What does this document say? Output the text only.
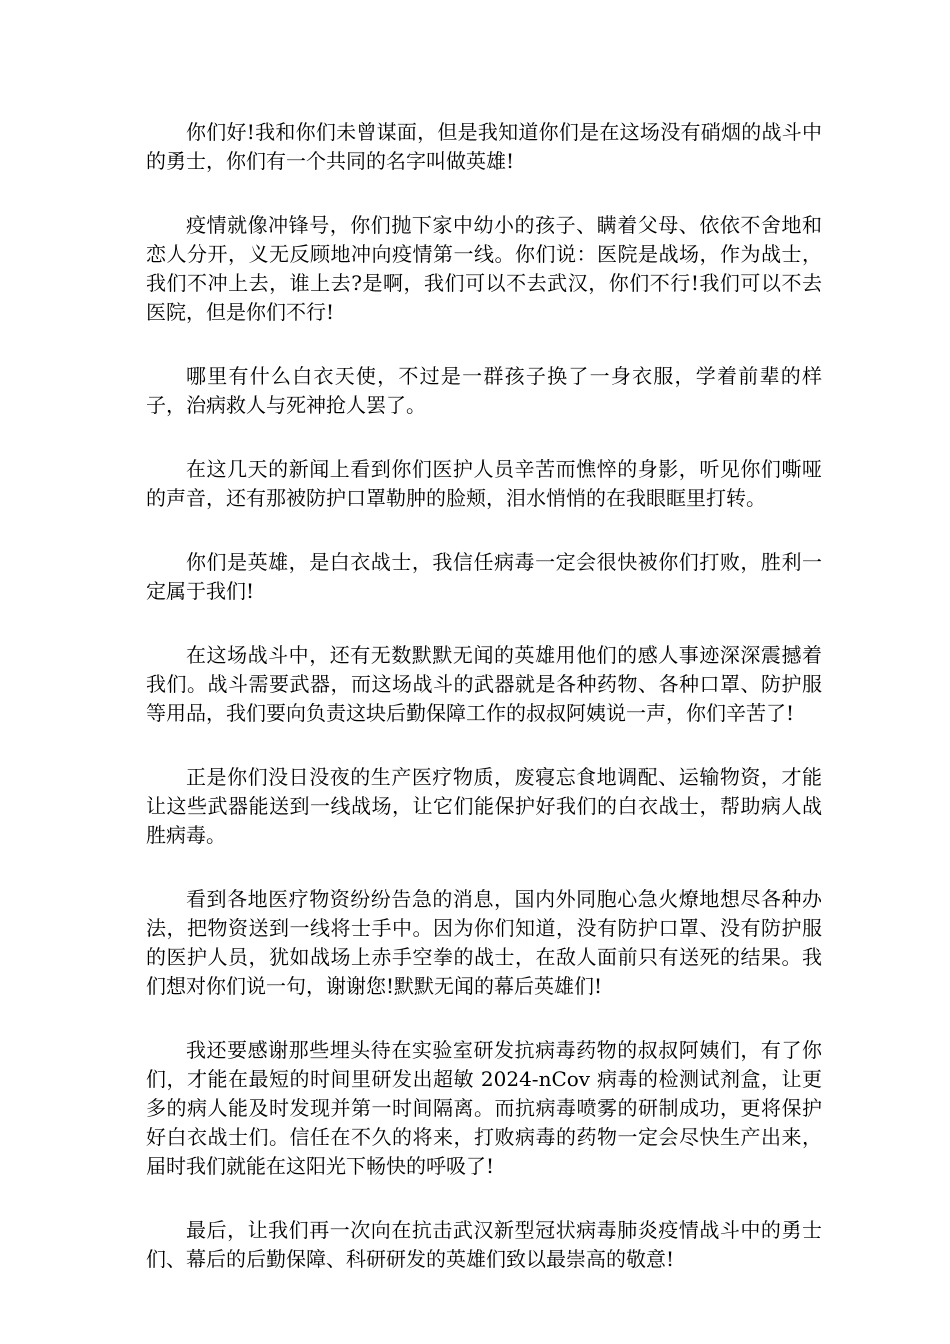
你们好!我和你们未曾谋面，但是我知道你们是在这场没有硝烟的战斗中的勇士，你们有一个共同的名字叫做英雄!

疫情就像冲锋号，你们抛下家中幼小的孩子、瞒着父母、依依不舍地和恋人分开，义无反顾地冲向疫情第一线。你们说：医院是战场，作为战士，我们不冲上去，谁上去?是啊，我们可以不去武汉，你们不行!我们可以不去医院，但是你们不行!

哪里有什么白衣天使，不过是一群孩子换了一身衣服，学着前辈的样子，治病救人与死神抢人罢了。

在这几天的新闻上看到你们医护人员辛苦而憔悴的身影，听见你们嘶哑的声音，还有那被防护口罩勒肿的脸颊，泪水悄悄的在我眼眶里打转。

你们是英雄，是白衣战士，我信任病毒一定会很快被你们打败，胜利一定属于我们!

在这场战斗中，还有无数默默无闻的英雄用他们的感人事迹深深震撼着我们。战斗需要武器，而这场战斗的武器就是各种药物、各种口罩、防护服等用品，我们要向负责这块后勤保障工作的叔叔阿姨说一声，你们辛苦了!

正是你们没日没夜的生产医疗物质，废寝忘食地调配、运输物资，才能让这些武器能送到一线战场，让它们能保护好我们的白衣战士，帮助病人战胜病毒。

看到各地医疗物资纷纷告急的消息，国内外同胞心急火燎地想尽各种办法，把物资送到一线将士手中。因为你们知道，没有防护口罩、没有防护服的医护人员，犹如战场上赤手空拳的战士，在敌人面前只有送死的结果。我们想对你们说一句，谢谢您!默默无闻的幕后英雄们!

我还要感谢那些埋头待在实验室研发抗病毒药物的叔叔阿姨们，有了你们，才能在最短的时间里研发出超敏 2024-nCov 病毒的检测试剂盒，让更多的病人能及时发现并第一时间隔离。而抗病毒喷雾的研制成功，更将保护好白衣战士们。信任在不久的将来，打败病毒的药物一定会尽快生产出来，届时我们就能在这阳光下畅快的呼吸了!

最后，让我们再一次向在抗击武汉新型冠状病毒肺炎疫情战斗中的勇士们、幕后的后勤保障、科研研发的英雄们致以最崇高的敬意!
